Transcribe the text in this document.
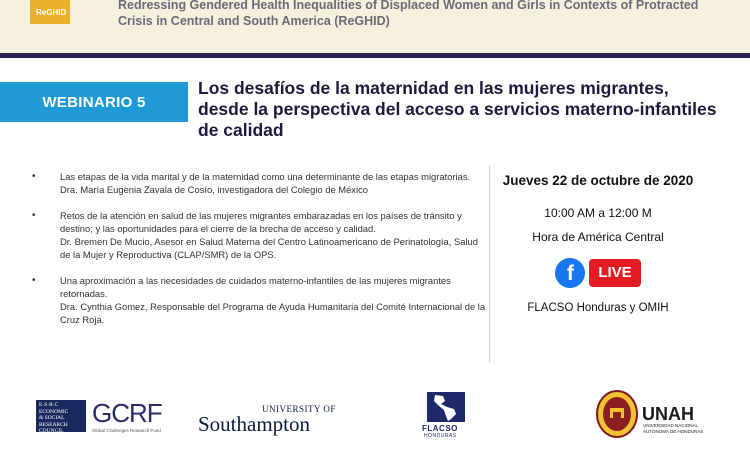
ReGHID
Redressing Gendered Health Inequalities of Displaced Women and Girls in Contexts of Protracted Crisis in Central and South America (ReGHID)
WEBINARIO 5
Los desafíos de la maternidad en las mujeres migrantes, desde la perspectiva del acceso a servicios materno-infantiles de calidad
• Las etapas de la vida marital y de la maternidad como una determinante de las etapas migratorias.
Dra. María Eugenia Zavala de Cosío, investigadora del Colegio de México
• Retos de la atención en salud de las mujeres migrantes embarazadas en los países de tránsito y destino; y las oportunidades para el cierre de la brecha de acceso y calidad.
Dr. Bremen De Mucio, Asesor en Salud Materna del Centro Latinoamericano de Perinatología, Salud de la Mujer y Reproductiva (CLAP/SMR) de la OPS.
• Una aproximación a las necesidades de cuidados materno-infantiles de las mujeres migrantes retornadas.
Dra. Cynthia Gomez, Responsable del Programa de Ayuda Humanitaria del Comité Internacional de la Cruz Roja.
Jueves 22 de octubre de 2020
10:00 AM a 12:00 M
Hora de América Central
f	LIVE
FLACSO Honduras y OMIH
E·S·R·C
ECONOMIC
& SOCIAL
RESEARCH
COUNCIL
GCRF
Global Challenges Research Fund
UNIVERSITY OF
Southampton	FLACSO
HONDURAS
UNAH
UNIVERSIDAD NACIONAL AUTÓNOMA DE HONDURAS
